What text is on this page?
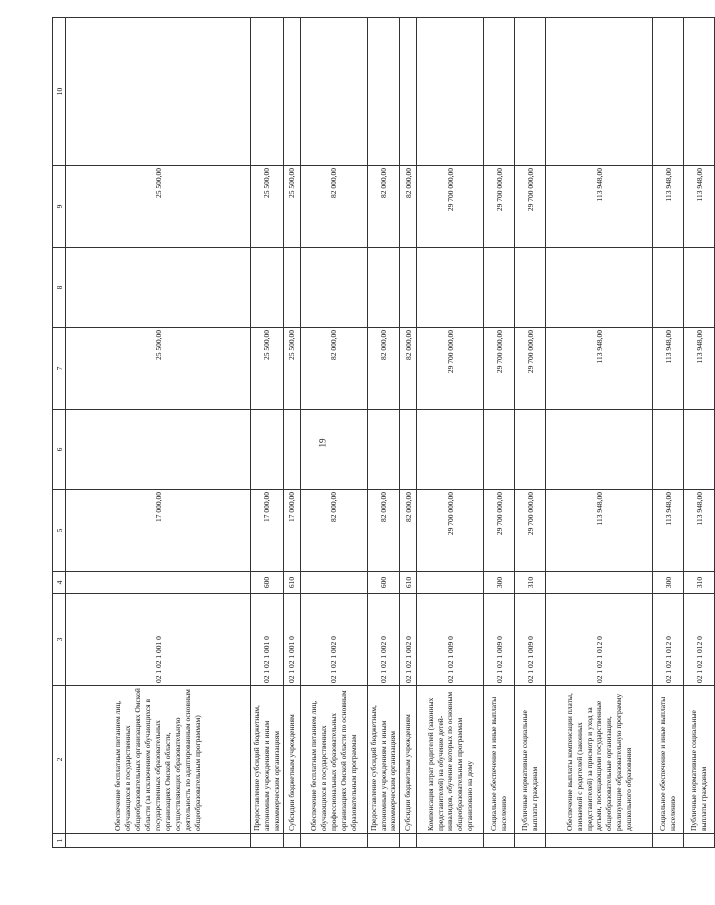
19
1	2	3	4	5	6	7	8	9	10
	Обеспечение бесплатным питанием лиц, обучающихся в государственных общеобразовательных организациях Омской области (за исключением обучающихся в государственных образовательных организациях Омской области, осуществляющих образовательную деятельность по адаптированным основным общеобразовательным программам)	02 1 02 1 001 0		17 000,00		25 500,00		25 500,00	
	Предоставление субсидий бюджетным, автономным учреждениям и иным некоммерческим организациям	02 1 02 1 001 0	600	17 000,00		25 500,00		25 500,00	
	Субсидии бюджетным учреждениям	02 1 02 1 001 0	610	17 000,00		25 500,00		25 500,00	
	Обеспечение бесплатным питанием лиц, обучающихся в государственных профессиональных образовательных организациях Омской области по основным образовательным программам	02 1 02 1 002 0		82 000,00		82 000,00		82 000,00	
	Предоставление субсидий бюджетным, автономным учреждениям и иным некоммерческим организациям	02 1 02 1 002 0	600	82 000,00		82 000,00		82 000,00	
	Субсидии бюджетным учреждениям	02 1 02 1 002 0	610	82 000,00		82 000,00		82 000,00	
	Компенсация затрат родителей (законных представителей) на обучение детей-инвалидов, обучение которых по основным общеобразовательным программам организовано на дому	02 1 02 1 009 0		29 700 000,00		29 700 000,00		29 700 000,00	
	Социальное обеспечение и иные выплаты населению	02 1 02 1 009 0	300	29 700 000,00		29 700 000,00		29 700 000,00	
	Публичные нормативные социальные выплаты гражданам	02 1 02 1 009 0	310	29 700 000,00		29 700 000,00		29 700 000,00	
	Обеспечение выплаты компенсации платы, взимаемой с родителей (законных представителей) за присмотр и уход за детьми, посещающими государственные общеобразовательные организации, реализующие образовательную программу дошкольного образования	02 1 02 1 012 0		113 948,00		113 948,00		113 948,00	
	Социальное обеспечение и иные выплаты населению	02 1 02 1 012 0	300	113 948,00		113 948,00		113 948,00	
	Публичные нормативные социальные выплаты гражданам	02 1 02 1 012 0	310	113 948,00		113 948,00		113 948,00	
